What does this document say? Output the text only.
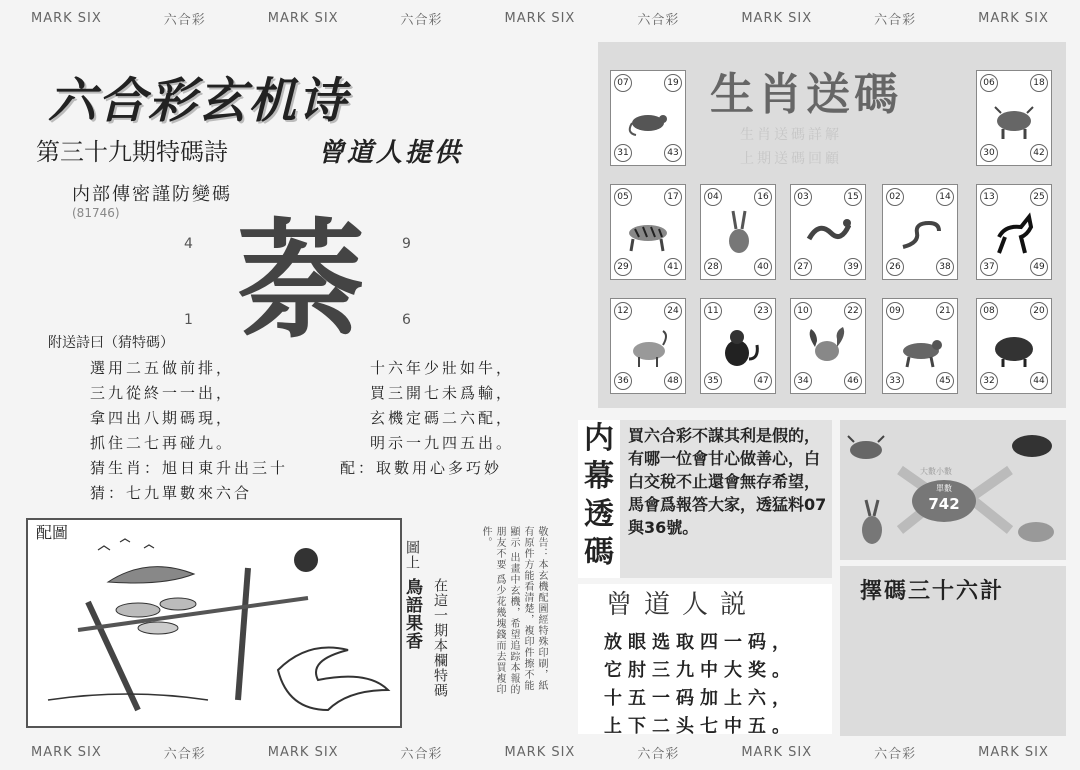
MARK SIX	六合彩	MARK SIX	六合彩	MARK SIX	六合彩	MARK SIX	六合彩	MARK SIX
MARK SIX	六合彩	MARK SIX	六合彩	MARK SIX	六合彩	MARK SIX	六合彩	MARK SIX
六合彩玄机诗
第三十九期特碼詩	曾道人提供
内部傳密謹防變碼
(81746)
4	9
1	6
萘
附送詩曰（猜特碼）
選用二五做前排，
三九從終一一出，
拿四出八期碼現，
抓住二七再碰九。
猜生肖：旭日東升出三十
猜：七九單數來六合
十六年少壯如牛，
買三開七未爲輸，
玄機定碼二六配，
明示一九四五出。
配：取數用心多巧妙
配圖
圖上
鳥語果香 在這一期本欄特碼	敬告：本玄機配圖經特殊印刷，紙 有原件方能看清楚，複印件擦不能顯示 出畫中玄機，希望追踪本報的朋友不要 爲少花幾塊錢而去買複印件。
生肖送碼
生肖送碼詳解
上期送碼回顧
07	19
31	43
06	18
30	42
05	17
29	41
04	16
28	40
03	15
27	39
02	14
26	38
13	25
37	49
12	24
36	48
11	23
35	47
10	22
34	46
09	21
33	45
08	20
32	44
内
幕
透
碼
買六合彩不謀其利是假的，有哪一位會甘心做善心，白白交稅不止還會無存希望，馬會爲報答大家，透猛料07與36號。
曾道人説
放眼选取四一码，
它肘三九中大奖。
十五一码加上六，
上下二头七中五。
大數小數
單數
742
擇碼三十六計
